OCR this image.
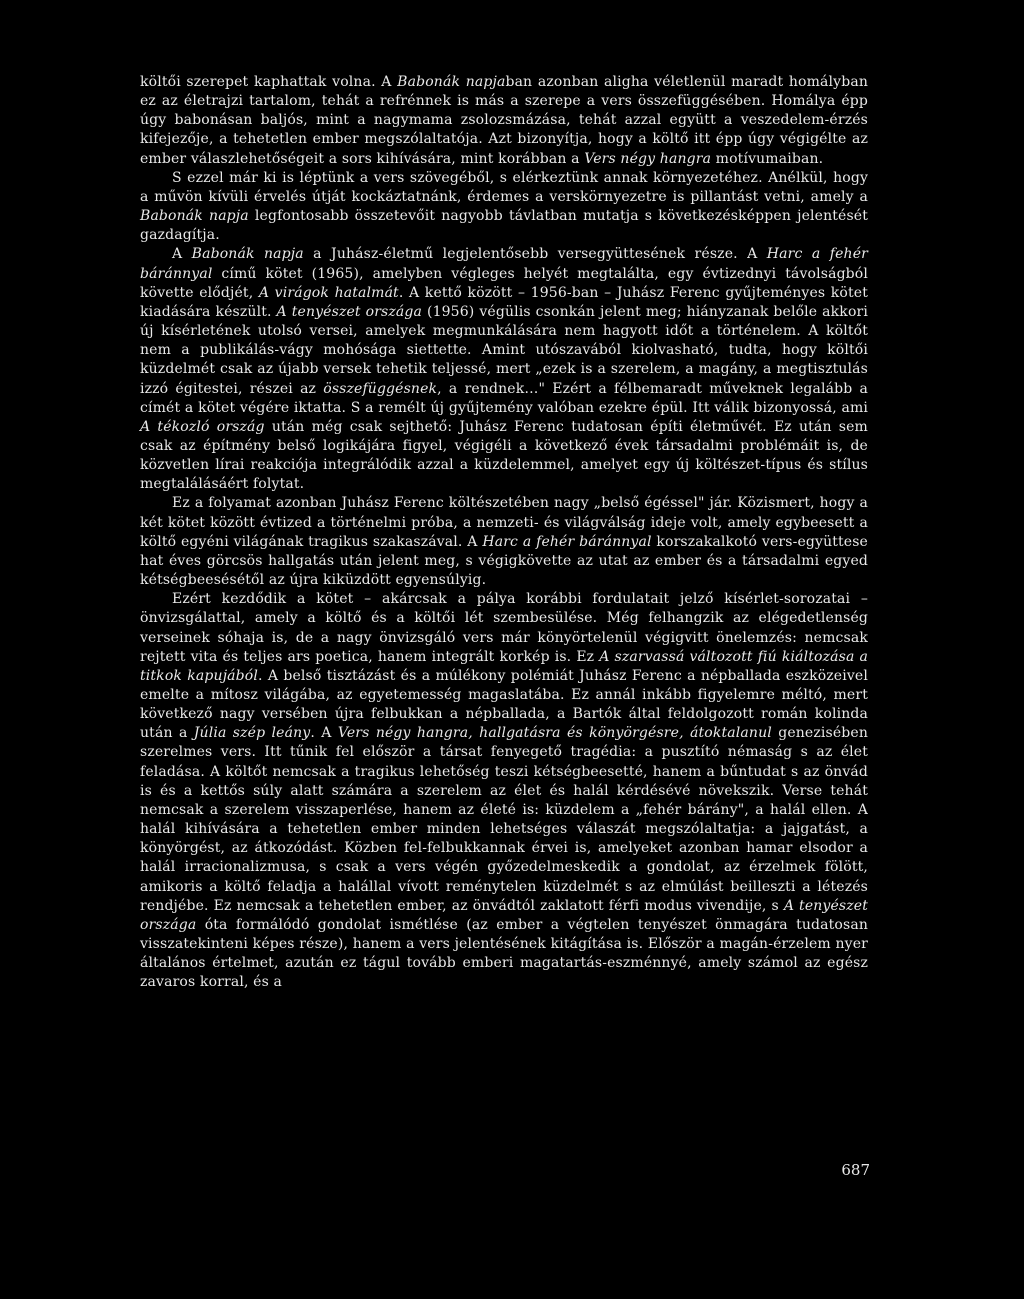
költői szerepet kaphattak volna. A Babonák napjaban azonban aligha véletlenül maradt homályban ez az életrajzi tartalom, tehát a refrénnek is más a szerepe a vers összefüggésében. Homálya épp úgy babonásan baljós, mint a nagymama zsolozsmázása, tehát azzal együtt a veszedelem-érzés kifejezője, a tehetetlen ember megszólaltatója. Azt bizonyítja, hogy a költő itt épp úgy végigélte az ember válaszlehetőségeit a sors kihívására, mint korábban a Vers négy hangra motívumaiban.

S ezzel már ki is léptünk a vers szövegéből, s elérkeztünk annak környezetéhez. Anélkül, hogy a művön kívüli érvelés útját kockáztatnánk, érdemes a verskörnyezetre is pillantást vetni, amely a Babonák napja legfontosabb összetevőit nagyobb távlatban mutatja s következésképpen jelentését gazdagítja.

A Babonák napja a Juhász-életmű legjelentősebb versegyüttesének része. A Harc a fehér báránnyal című kötet (1965), amelyben végleges helyét megtalálta, egy évtizednyi távolságból követte elődjét, A virágok hatalmát. A kettő között – 1956-ban – Juhász Ferenc gyűjteményes kötet kiadására készült. A tenyészet országa (1956) végülis csonkán jelent meg; hiányzanak belőle akkori új kísérletének utolsó versei, amelyek megmunkálására nem hagyott időt a történelem. A költőt nem a publikálás-vágy mohósága siettette. Amint utószavából kiolvasható, tudta, hogy költői küzdelmét csak az újabb versek tehetik teljessé, mert „ezek is a szerelem, a magány, a megtisztulás izzó égitestei, részei az összefüggésnek, a rendnek…" Ezért a félbemaradt műveknek legalább a címét a kötet végére iktatta. S a remélt új gyűjtemény valóban ezekre épül. Itt válik bizonyossá, ami A tékozló ország után még csak sejthető: Juhász Ferenc tudatosan építi életművét. Ez után sem csak az építmény belső logikájára figyel, végigéli a következő évek társadalmi problémáit is, de közvetlen lírai reakciója integrálódik azzal a küzdelemmel, amelyet egy új költészet-típus és stílus megtalálásáért folytat.

Ez a folyamat azonban Juhász Ferenc költészetében nagy „belső égéssel" jár. Közismert, hogy a két kötet között évtized a történelmi próba, a nemzeti- és világválság ideje volt, amely egybeesett a költő egyéni világának tragikus szakaszával. A Harc a fehér báránnyal korszakalkotó vers-együttese hat éves görcsös hallgatás után jelent meg, s végigkövette az utat az ember és a társadalmi egyed kétségbeesésétől az újra kiküzdött egyensúlyig.

Ezért kezdődik a kötet – akárcsak a pálya korábbi fordulatait jelző kísérlet-sorozatai – önvizsgálattal, amely a költő és a költői lét szembesülése. Még felhangzik az elégedetlenség verseinek sóhaja is, de a nagy önvizsgáló vers már könyörtelenül végigvitt önelemzés: nemcsak rejtett vita és teljes ars poetica, hanem integrált korkép is. Ez A szarvassá változott fiú kiáltozása a titkok kapujából. A belső tisztázást és a múlékony polémiát Juhász Ferenc a népballada eszközeivel emelte a mítosz világába, az egyetemesség magaslatába. Ez annál inkább figyelemre méltó, mert következő nagy versében újra felbukkan a népballada, a Bartók által feldolgozott román kolinda után a Júlia szép leány. A Vers négy hangra, hallgatásra és könyörgésre, átoktalanul genezisében szerelmes vers. Itt tűnik fel először a társat fenyegető tragédia: a pusztító némaság s az élet feladása. A költőt nemcsak a tragikus lehetőség teszi kétségbeesetté, hanem a bűntudat s az önvád is és a kettős súly alatt számára a szerelem az élet és halál kérdésévé növekszik. Verse tehát nemcsak a szerelem visszaperlése, hanem az életé is: küzdelem a „fehér bárány", a halál ellen. A halál kihívására a tehetetlen ember minden lehetséges válaszát megszólaltatja: a jajgatást, a könyörgést, az átkozódást. Közben fel-felbukkannak érvei is, amelyeket azonban hamar elsodor a halál irracionalizmusa, s csak a vers végén győzedelmeskedik a gondolat, az érzelmek fölött, amikoris a költő feladja a halállal vívott reménytelen küzdelmét s az elmúlást beilleszti a létezés rendjébe. Ez nemcsak a tehetetlen ember, az önvádtól zaklatott férfi modus vivendije, s A tenyészet országa óta formálódó gondolat ismétlése (az ember a végtelen tenyészet önmagára tudatosan visszatekinteni képes része), hanem a vers jelentésének kitágítása is. Először a magán-érzelem nyer általános értelmet, azután ez tágul tovább emberi magatartás-eszménnyé, amely számol az egész zavaros korral, és a

687
